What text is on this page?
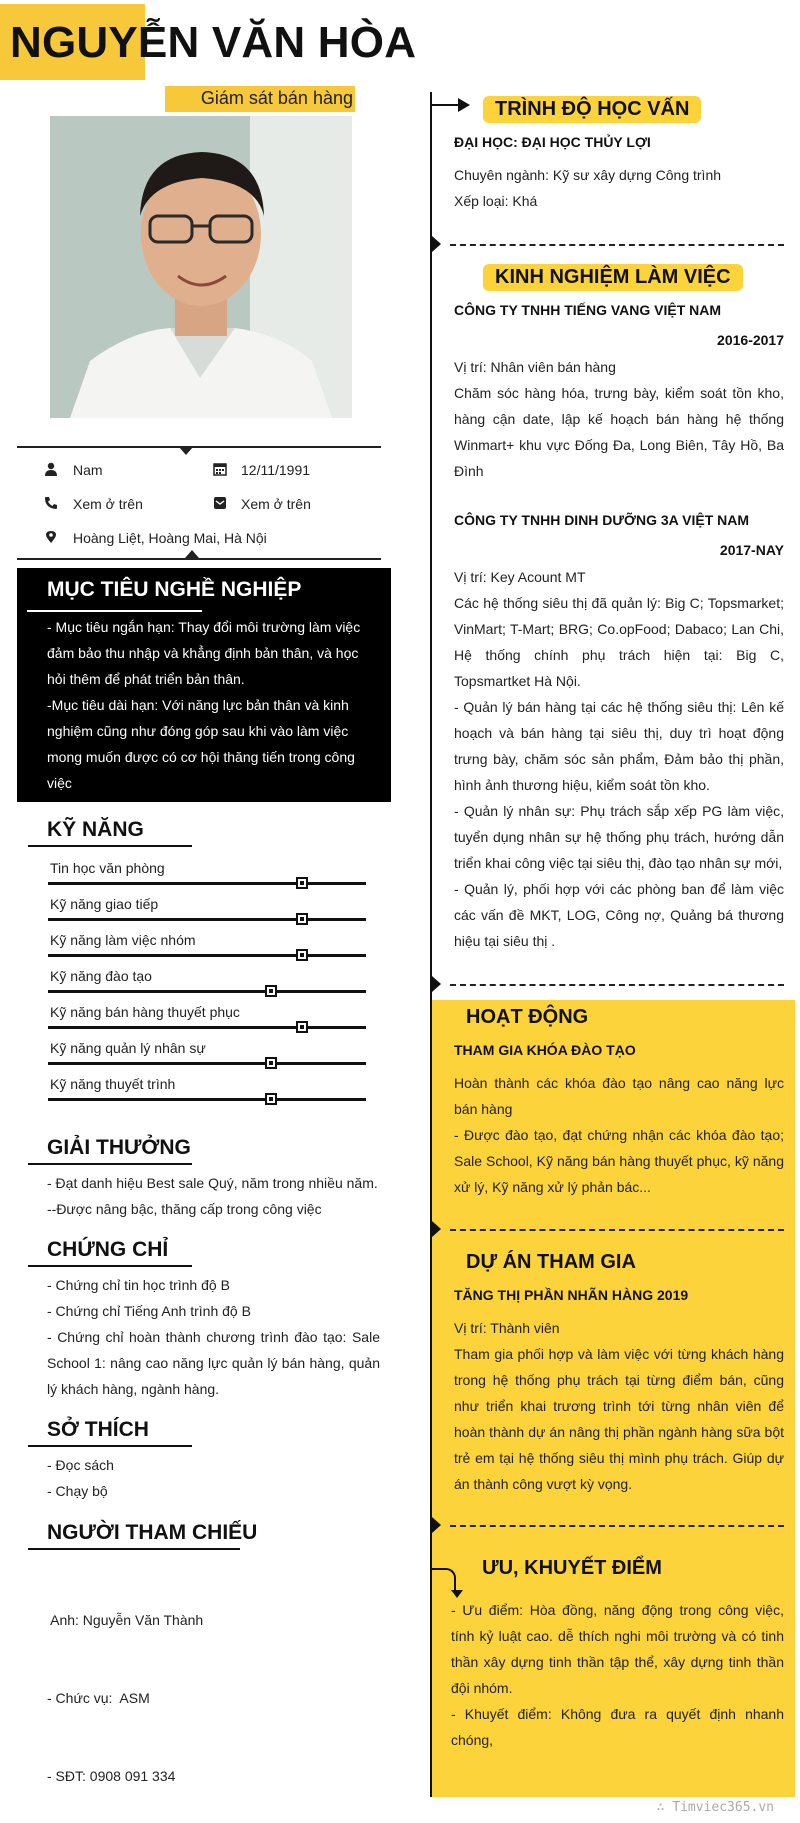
NGUYỄN VĂN HÒA
Giám sát bán hàng
Nam	12/11/1991
Xem ở trên	Xem ở trên
Hoàng Liệt, Hoàng Mai, Hà Nội
MỤC TIÊU NGHỀ NGHIỆP
- Mục tiêu ngắn hạn: Thay đổi môi trường làm việc đảm bảo thu nhập và khẳng định bản thân, và học hỏi thêm để phát triển bản thân.
-Mục tiêu dài hạn: Với năng lực bản thân và kinh nghiệm cũng như đóng góp sau khi vào làm việc mong muốn được có cơ hội thăng tiến trong công việc
KỸ NĂNG
GIẢI THƯỞNG
- Đạt danh hiệu Best sale Quý, năm trong nhiều năm.
--Được nâng bậc, thăng cấp trong công việc
CHỨNG CHỈ
- Chứng chỉ tin học trình độ B
- Chứng chỉ Tiếng Anh trình độ B
- Chứng chỉ hoàn thành chương trình đào tạo: Sale School 1: nâng cao năng lực quản lý bán hàng, quản lý khách hàng, ngành hàng.
SỞ THÍCH
- Đọc sách
- Chạy bộ
NGƯỜI THAM CHIẾU

Anh: Nguyễn Văn Thành

- Chức vụ:  ASM

- SĐT: 0908 091 334

TRÌNH ĐỘ HỌC VẤN
ĐẠI HỌC: ĐẠI HỌC THỦY LỢI
Chuyên ngành: Kỹ sư xây dựng Công trình
Xếp loại: Khá
KINH NGHIỆM LÀM VIỆC
CÔNG TY TNHH TIẾNG VANG VIỆT NAM
2016-2017
Vị trí: Nhân viên bán hàng
Chăm sóc hàng hóa, trưng bày, kiểm soát tồn kho, hàng cận date, lập kế hoạch bán hàng hệ thống Winmart+ khu vực Đống Đa, Long Biên, Tây Hồ, Ba Đình
CÔNG TY TNHH DINH DƯỠNG 3A VIỆT NAM
2017-NAY
Vị trí: Key Acount MT
Các hệ thống siêu thị đã quản lý: Big C; Topsmarket; VinMart; T-Mart; BRG; Co.opFood; Dabaco; Lan Chi, Hệ thống chính phụ trách hiện tại: Big C, Topsmartket Hà Nội.
- Quản lý bán hàng tại các hệ thống siêu thị: Lên kế hoạch và bán hàng tại siêu thị, duy trì hoạt động trưng bày, chăm sóc sản phẩm, Đảm bảo thị phần, hình ảnh thương hiệu, kiểm soát tồn kho.
- Quản lý nhân sự: Phụ trách sắp xếp PG làm việc, tuyển dụng nhân sự hệ thống phụ trách, hướng dẫn triển khai công việc tại siêu thị, đào tạo nhân sự mới,
- Quản lý, phối hợp với các phòng ban để làm việc các vấn đề MKT, LOG, Công nợ, Quảng bá thương hiệu tại siêu thị .
HOẠT ĐỘNG
THAM GIA KHÓA ĐÀO TẠO
Hoàn thành các khóa đào tạo nâng cao năng lực bán hàng
- Được đào tạo, đạt chứng nhận các khóa đào tạo; Sale School, Kỹ năng bán hàng thuyết phục, kỹ năng xử lý, Kỹ năng xử lý phản bác...
DỰ ÁN THAM GIA
TĂNG THỊ PHẦN NHÃN HÀNG 2019
Vị trí: Thành viên
Tham gia phối hợp và làm việc với từng khách hàng trong hệ thống phụ trách tại từng điểm bán, cũng như triển khai trương trình tới từng nhân viên để hoàn thành dự án nâng thị phần ngành hàng sữa bột trẻ em tại hệ thống siêu thị mình phụ trách. Giúp dự án thành công vượt kỳ vọng.
ƯU, KHUYẾT ĐIỂM
- Ưu điểm: Hòa đồng, năng động trong công việc, tính kỷ luật cao. dễ thích nghi môi trường và có tinh thần xây dựng tinh thần tập thể, xây dựng tinh thần đội nhóm.
- Khuyết điểm: Không đưa ra quyết định nhanh chóng,
∴ Timviec365.vn
Tin học văn phòng
Kỹ năng giao tiếp
Kỹ năng làm việc nhóm
Kỹ năng đào tạo
Kỹ năng bán hàng thuyết phục
Kỹ năng quản lý nhân sự
Kỹ năng thuyết trình
